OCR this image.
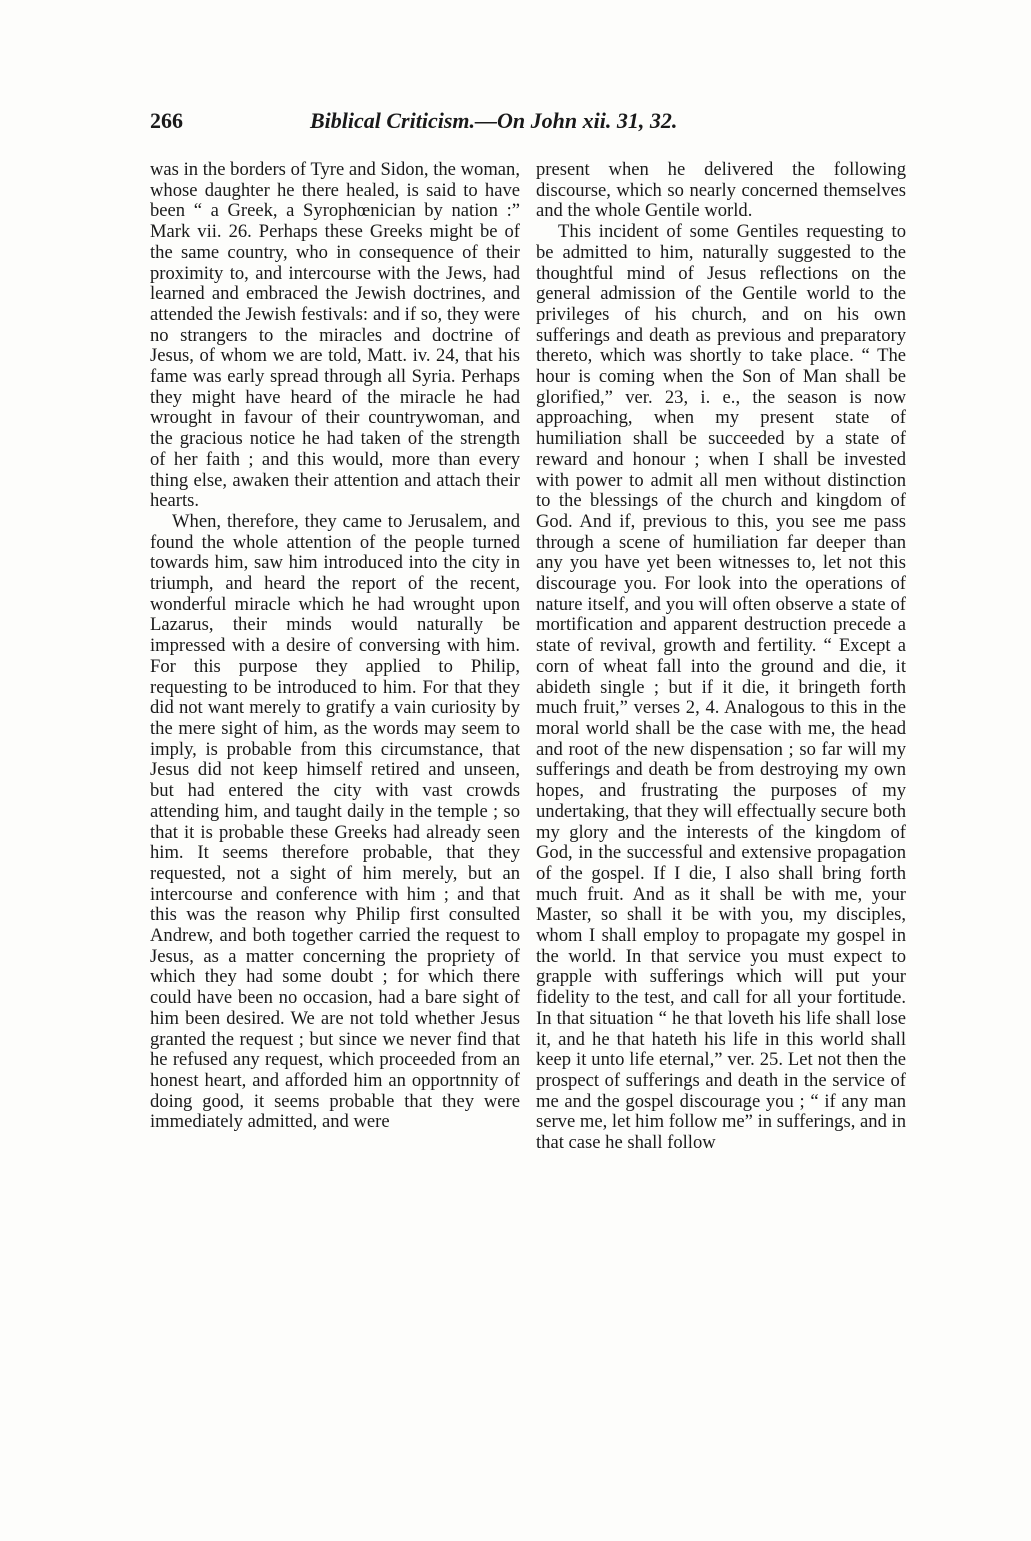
266	Biblical Criticism.—On John xii. 31, 32.

was in the borders of Tyre and Sidon, the woman, whose daughter he there healed, is said to have been “ a Greek, a Syrophœnician by nation :” Mark vii. 26. Perhaps these Greeks might be of the same country, who in consequence of their proximity to, and intercourse with the Jews, had learned and embraced the Jewish doctrines, and attended the Jewish festivals: and if so, they were no strangers to the miracles and doctrine of Jesus, of whom we are told, Matt. iv. 24, that his fame was early spread through all Syria. Perhaps they might have heard of the miracle he had wrought in favour of their countrywoman, and the gracious notice he had taken of the strength of her faith ; and this would, more than every thing else, awaken their attention and attach their hearts.

When, therefore, they came to Jerusalem, and found the whole attention of the people turned towards him, saw him introduced into the city in triumph, and heard the report of the recent, wonderful miracle which he had wrought upon Lazarus, their minds would naturally be impressed with a desire of conversing with him. For this purpose they applied to Philip, requesting to be introduced to him. For that they did not want merely to gratify a vain curiosity by the mere sight of him, as the words may seem to imply, is probable from this circumstance, that Jesus did not keep himself retired and unseen, but had entered the city with vast crowds attending him, and taught daily in the temple ; so that it is probable these Greeks had already seen him. It seems therefore probable, that they requested, not a sight of him merely, but an intercourse and conference with him ; and that this was the reason why Philip first consulted Andrew, and both together carried the request to Jesus, as a matter concerning the propriety of which they had some doubt ; for which there could have been no occasion, had a bare sight of him been desired. We are not told whether Jesus granted the request ; but since we never find that he refused any request, which proceeded from an honest heart, and afforded him an opportnnity of doing good, it seems probable that they were immediately admitted, and were

present when he delivered the following discourse, which so nearly concerned themselves and the whole Gentile world.

This incident of some Gentiles requesting to be admitted to him, naturally suggested to the thoughtful mind of Jesus reflections on the general admission of the Gentile world to the privileges of his church, and on his own sufferings and death as previous and preparatory thereto, which was shortly to take place. “ The hour is coming when the Son of Man shall be glorified,” ver. 23, i. e., the season is now approaching, when my present state of humiliation shall be succeeded by a state of reward and honour ; when I shall be invested with power to admit all men without distinction to the blessings of the church and kingdom of God. And if, previous to this, you see me pass through a scene of humiliation far deeper than any you have yet been witnesses to, let not this discourage you. For look into the operations of nature itself, and you will often observe a state of mortification and apparent destruction precede a state of revival, growth and fertility. “ Except a corn of wheat fall into the ground and die, it abideth single ; but if it die, it bringeth forth much fruit,” verses 2, 4. Analogous to this in the moral world shall be the case with me, the head and root of the new dispensation ; so far will my sufferings and death be from destroying my own hopes, and frustrating the purposes of my undertaking, that they will effectually secure both my glory and the interests of the kingdom of God, in the successful and extensive propagation of the gospel. If I die, I also shall bring forth much fruit. And as it shall be with me, your Master, so shall it be with you, my disciples, whom I shall employ to propagate my gospel in the world. In that service you must expect to grapple with sufferings which will put your fidelity to the test, and call for all your fortitude. In that situation “ he that loveth his life shall lose it, and he that hateth his life in this world shall keep it unto life eternal,” ver. 25. Let not then the prospect of sufferings and death in the service of me and the gospel discourage you ; “ if any man serve me, let him follow me” in sufferings, and in that case he shall follow
